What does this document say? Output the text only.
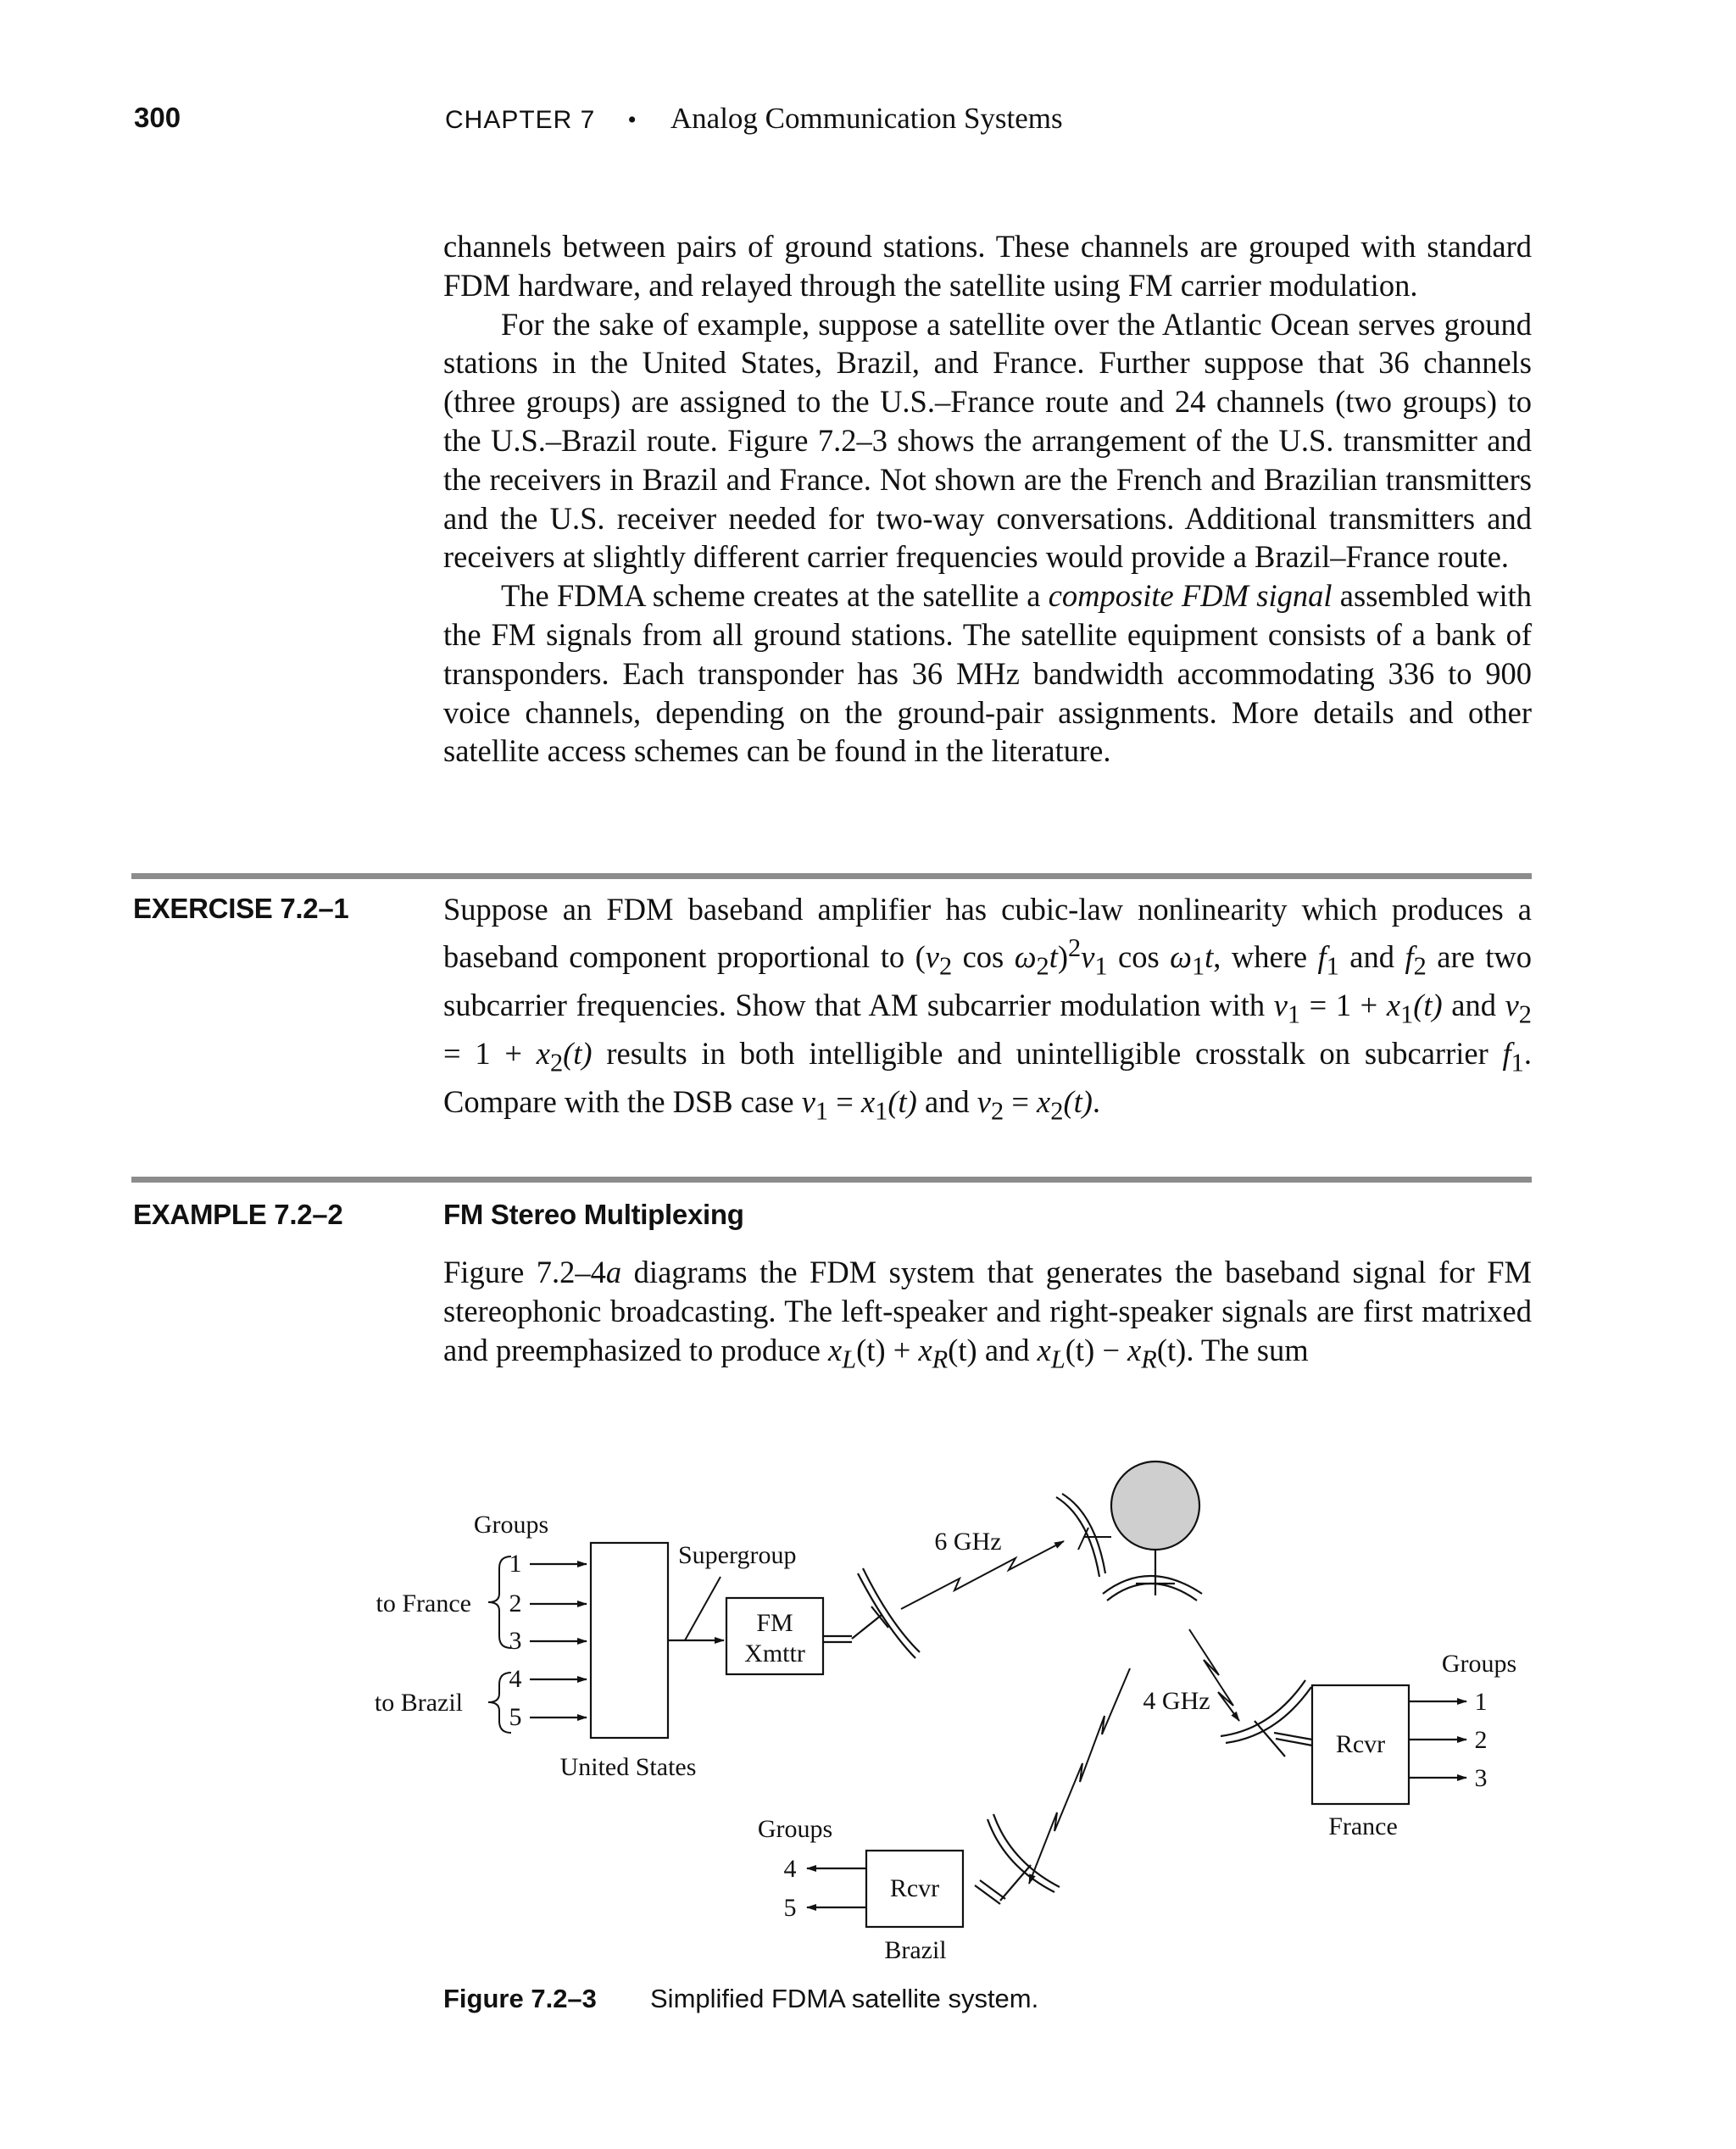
300	CHAPTER 7 • Analog Communication Systems

channels between pairs of ground stations. These channels are grouped with standard FDM hardware, and relayed through the satellite using FM carrier modulation.

For the sake of example, suppose a satellite over the Atlantic Ocean serves ground stations in the United States, Brazil, and France. Further suppose that 36 channels (three groups) are assigned to the U.S.–France route and 24 channels (two groups) to the U.S.–Brazil route. Figure 7.2–3 shows the arrangement of the U.S. transmitter and the receivers in Brazil and France. Not shown are the French and Brazilian transmitters and the U.S. receiver needed for two-way conversations. Additional transmitters and receivers at slightly different carrier frequencies would provide a Brazil–France route.

The FDMA scheme creates at the satellite a composite FDM signal assembled with the FM signals from all ground stations. The satellite equipment consists of a bank of transponders. Each transponder has 36 MHz bandwidth accommodating 336 to 900 voice channels, depending on the ground-pair assignments. More details and other satellite access schemes can be found in the literature.

EXERCISE 7.2–1	Suppose an FDM baseband amplifier has cubic-law nonlinearity which produces a baseband component proportional to ($v_2$ $\cos \omega_2t)^2v_1$ $\cos \omega_1t$, where $f_1$ and $f_2$ are two subcarrier frequencies. Show that AM subcarrier modulation with $v_1 = 1 + x_1(t)$ and $v_2 = 1 + x_2(t)$ results in both intelligible and unintelligible crosstalk on subcarrier $f_1$. Compare with the DSB case $v_1 = x_1(t)$ and $v_2 = x_2(t)$.

EXAMPLE 7.2–2	FM Stereo Multiplexing

Figure 7.2–4a diagrams the FDM system that generates the baseband signal for FM stereophonic broadcasting. The left-speaker and right-speaker signals are first matrixed and preemphasized to produce $x_L(t) + x_R(t)$ and $x_L(t) - x_R(t)$. The sum

Groups
1
2
3
4
5
to France
to Brazil
United States
Supergroup
FM
Xmttr
6 GHz
4 GHz
Rcvr
France
Groups
1
2
3
Rcvr
Brazil
Groups
4
5
Figure 7.2–3 Simplified FDMA satellite system.
